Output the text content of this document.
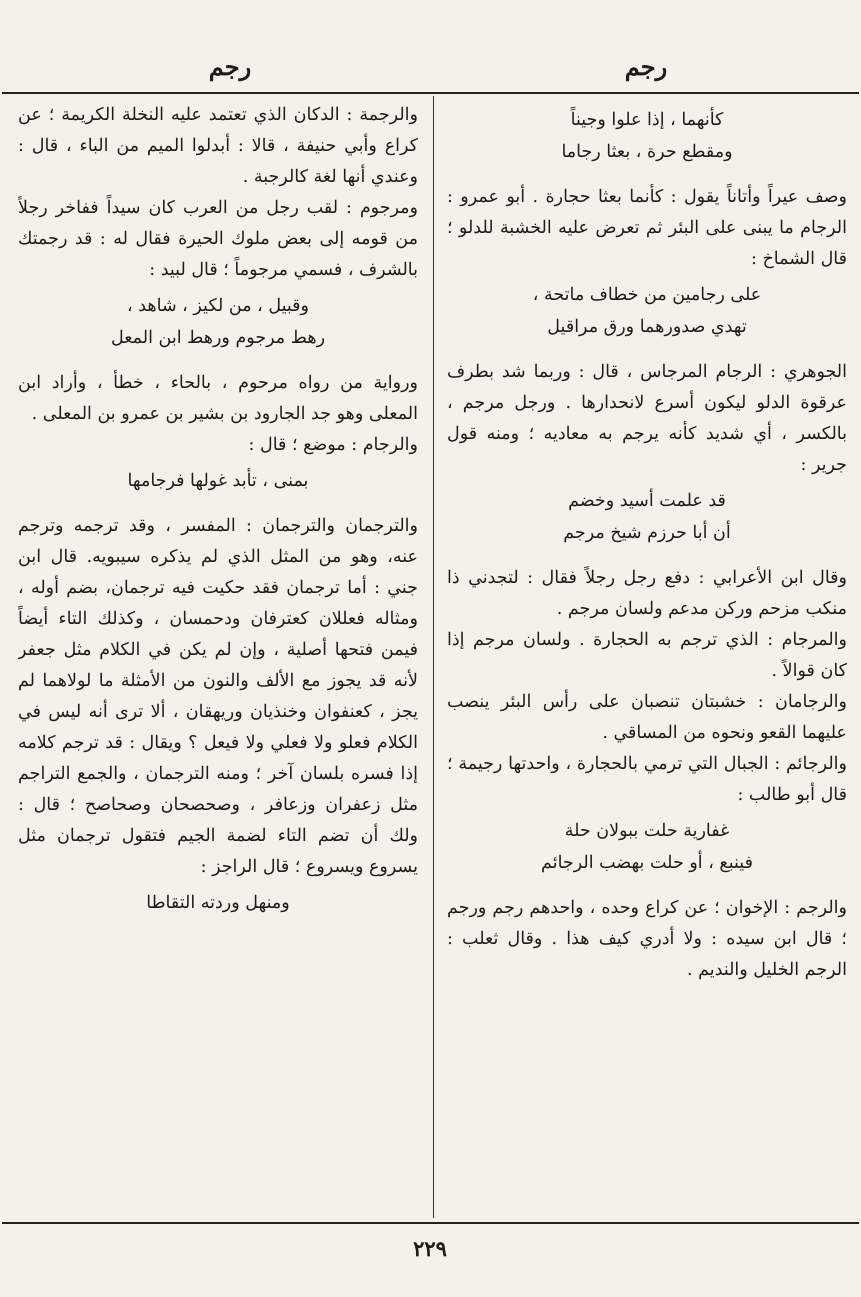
رجم
رجم
كأنهما ، إذا علوا وجيناً
ومقطع حرة ، بعثا رجاما

وصف عيراً وأتاناً يقول : كأنما بعثا حجارة . أبو عمرو : الرجام ما يبنى على البئر ثم تعرض عليه الخشبة للدلو ؛ قال الشماخ :

على رجامين من خطاف ماتحة ،
تهدي صدورهما ورق مراقيل

الجوهري : الرجام المرجاس ، قال : وربما شد بطرف عرقوة الدلو ليكون أسرع لانحدارها . ورجل مرجم ، بالكسر ، أي شديد كأنه يرجم به معاديه ؛ ومنه قول جرير :

قد علمت أسيد وخضم
أن أبا حرزم شيخ مرجم

وقال ابن الأعرابي : دفع رجل رجلاً فقال : لتجدني ذا منكب مزحم وركن مدعم ولسان مرجم .

والمرجام : الذي ترجم به الحجارة . ولسان مرجم إذا كان قوالاً .

والرجامان : خشبتان تنصبان على رأس البئر ينصب عليهما القعو ونحوه من المساقي .

والرجائم : الجبال التي ترمي بالحجارة ، واحدتها رجيمة ؛ قال أبو طالب :

غفارية حلت ببولان حلة
فينبع ، أو حلت بهضب الرجائم

والرجم : الإخوان ؛ عن كراع وحده ، واحدهم رجم ورجم ؛ قال ابن سيده : ولا أدري كيف هذا . وقال ثعلب : الرجم الخليل والنديم .

والرجمة : الدكان الذي تعتمد عليه النخلة الكريمة ؛ عن كراع وأبي حنيفة ، قالا : أبدلوا الميم من الباء ، قال : وعندي أنها لغة كالرجبة .

ومرجوم : لقب رجل من العرب كان سيداً ففاخر رجلاً من قومه إلى بعض ملوك الحيرة فقال له : قد رجمتك بالشرف ، فسمي مرجوماً ؛ قال لبيد :

وقبيل ، من لكيز ، شاهد ،
رهط مرجوم ورهط ابن المعل

ورواية من رواه مرحوم ، بالحاء ، خطأ ، وأراد ابن المعلى وهو جد الجارود بن بشير بن عمرو بن المعلى .

والرجام : موضع ؛ قال :

بمنى ، تأبد غولها فرجامها

والترجمان والترجمان : المفسر ، وقد ترجمه وترجم عنه، وهو من المثل الذي لم يذكره سيبويه. قال ابن جني : أما ترجمان فقد حكيت فيه ترجمان، بضم أوله ، ومثاله فعللان كعترفان ودحمسان ، وكذلك التاء أيضاً فيمن فتحها أصلية ، وإن لم يكن في الكلام مثل جعفر لأنه قد يجوز مع الألف والنون من الأمثلة ما لولاهما لم يجز ، كعنفوان وخنذيان وريهقان ، ألا ترى أنه ليس في الكلام فعلو ولا فعلي ولا فيعل ؟ ويقال : قد ترجم كلامه إذا فسره بلسان آخر ؛ ومنه الترجمان ، والجمع التراجم مثل زعفران وزعافر ، وصحصحان وصحاصح ؛ قال : ولك أن تضم التاء لضمة الجيم فتقول ترجمان مثل يسروع ويسروع ؛ قال الراجز :

ومنهل وردته التقاطا
٢٢٩
